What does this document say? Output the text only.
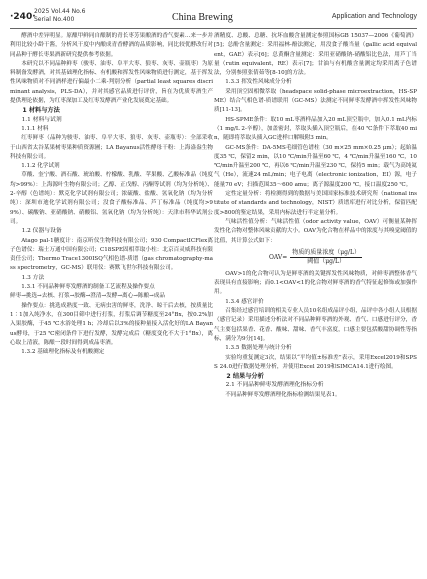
·240·
2025 Vol.44 No.6
Serial No.400	China Brewing	Application and Technology

酵酒中差异明显。原酿甲鲜同自酿制的青长枣芳果酿酒的香气要素…来一步并利用比较小龄干酱，分析风干度中内酿成青香酵酒的品质影响，同比较优酵改行对同品种于酵长枣果酒新研究提供参考依据。

本研究以不同品种鲜枣（骏枣、油枣、阜平大枣、狼枣、灰枣、壶瓶枣）为原料制备发酵酒，对其基础理化指标、有机酸和挥发性风味物质进行测定，基于挥发性风味物质对不同酒样进行偏最小二乘-判别分析（partial least squares discriminant analysis，PLS-DA），并对其感官品质进行评价，旨在为优质枣酒生产提供理论依据，为红枣深加工及红枣发酵酒产业化发展奠定基础。

1 材料与方法

1.1 材料与试剂

1.1.1 材料

红枣鲜枣（品种为骏枣、油枣、阜平大枣、狼枣、灰枣、壶瓶枣）：全部采收于山西省太谷某果树枣果种质资源圃；LA Bayanus活性酵母干粉：上海盎盎生物科技有限公司。

1.1.2 化学试剂

草酸、奎宁酸、酒石酸、琥珀酸、柠檬酸、乳酸、苹果酸、乙酸标准品（纯度均>99%）：上海源叶生物有限公司；乙醇、正戊醇、丙酮等试剂（均为分析纯）、2-辛醇（色谱纯）：默克化学试剂有限公司；浓硫酸、盐酸、氢氧化钠（均为分析纯）：深圳市迪化学试剂有限公司；没食子酸标准品、芦丁标准品（纯度均>99%）、碳酸钠、亚硝酸钠、硝酸铝、氢氧化钠（均为分析纯）：天津市科华试剂公司。

1.2 仪器与设备

Atago pal-1糖度计：南京昕仪生物科技有限公司；930 CompactICFlex离子色谱仪：瑞士万通中国有限公司；C18SPE固相萃取小柱：北京百灵威科技有限责任公司；Thermo Trace1300ISQ气相色谱-质谱（gas chromatography-mass spectrometry，GC-MS）联用仪：赛默飞世尔科技有限公司。

1.3 方法

1.3.1 不同品种鲜枣发酵酒的制备工艺流程及操作要点

鲜枣→挑选→去核、打浆→胶酶→澄清→发酵→离心→陈酿→成品

操作要点：挑选成熟度一致、无病虫害的鲜枣，洗净、晾干后去核，按质量比1∶1加入纯净水，在300目筛中进行打浆，打浆后调节糖度至24°Bx，按0.2%加入果胶酶，于45 ℃水浴处理1 h；冷却后以3%的接种量接入活化好的LA Bayanus酵母，于25 ℃密闭条件下进行发酵，发酵完成后（糖度变化不大于1°Bx），离心取上清液，陈酿一段时间得到成品枣酒。

1.3.2 基础理化指标及有机酸测定

酒精度、总酸、总糖、抗坏血酸含量测定参照国标GB 15037—2006《葡萄酒》[5]；总酚含量测定：采用福林-酚法测定，用没食子酸当量（gallic acid equivalent，GAE）表示[6]；总黄酮含量测定：采用亚硝酸钠-硝酸铝比色法，用芦丁当量（rutin equivalent，RE）表示[7]；甘油与有机酸含量测定均采用离子色谱法，分别参照张倩茹等[8-10]的方法。

1.3.3 挥发性风味成分分析

采用顶空固相微萃取（headspace solid-phase microextraction，HS-SPME）结合气相色谱-质谱联用（GC-MS）法测定不同鲜枣发酵酒中挥发性风味物质[11-13]。

HS-SPME条件：取10 mL枣酒样品加入20 mL顶空瓶中，加入0.1 mL内标（1 mg/L 2-辛醇），加盖密封，萃取头插入顶空瓶后，在40 ℃条件下萃取40 min，随即将萃取头插入GC进样口解吸附3 min。

GC-MS条件：DA-5MS毛细管色谱柱（30 m×25 mm×0.25 μm）；起始温度35 ℃，保留2 min，以10 ℃/min升温至60 ℃，4 ℃/min升温至160 ℃，10 ℃/min升温至200 ℃，再以6 ℃/min升温至230 ℃，保持5 min；载气为高纯氦气（He），流速24 mL/min；电子电离（electronic ionization，EI）源，电子能量70 eV；扫描范围35～600 amu；离子源温度200 ℃，接口温度250 ℃。

定性定量分析：将检测得到的数据与美国国家标准技术研究所（national institute of standards and technology，NIST）质谱库进行对比分析，保留匹配度>800的鉴定结果，采用内标法进行半定量分析。

气味活性值分析：气味活性值（odor activity value，OAV）可衡量某种挥发性化合物对整体风味贡献的大小。OAV为化合物在样品中的浓度与其嗅觉阈值的比值，其计算公式如下：

$OAV= \frac{\text{物质的质量浓度（μg/L）}}{\text{阈值（μg/L）}}$

OAV>1的化合物可认为是鲜枣酒的关键挥发性风味物质，对鲜枣酒整体香气表现具有直接影响；而0.1<OAV<1的化合物对鲜枣酒的香气特征起修饰或加强作用。

1.3.4 感官评价

召集经过感官培训的相关专业人员10名组成品评小组，品评中各小组人员根据（感官记录）采用描述分析法对不同品种鲜枣酒的外观、香气、口感进行评分，香气主要包括果香、花香、酸味、甜味、香气丰富度，口感主要包括酸甜协调性等指标，满分为9分[14]。

1.3.5 数据处理与统计分析

实验均重复测定3次，结果以“平均值±标准差”表示，采用Excel2019和SPSS 24.0进行数据处理分析，并使用Excel 2019和SIMCA14.1进行绘图。

2 结果与分析

2.1 不同品种鲜枣发酵酒理化指标分析

不同品种鲜枣发酵酒理化指标检测结果见表1。
